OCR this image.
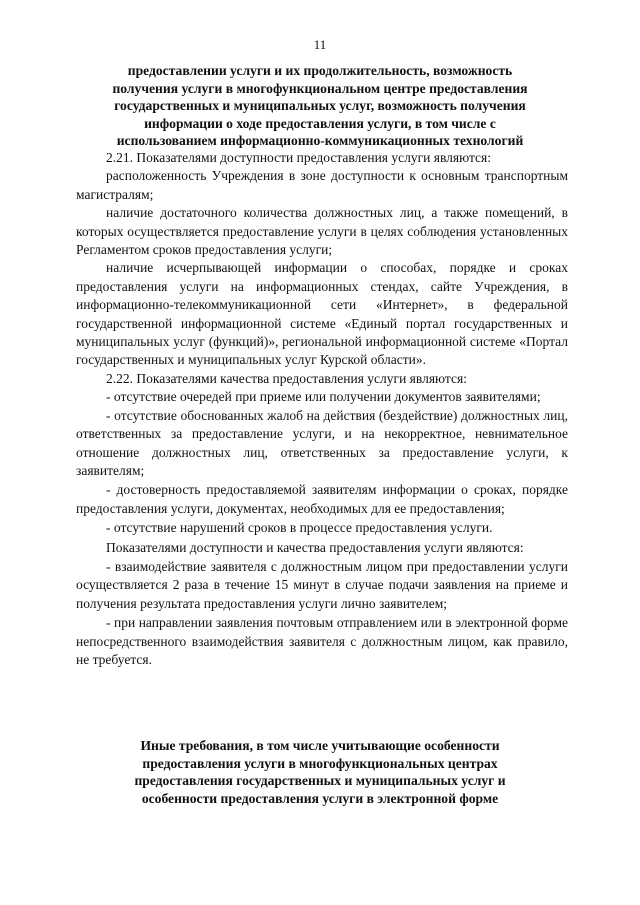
11

предоставлении услуги и их продолжительность, возможность

получения услуги в многофункциональном центре предоставления

государственных и муниципальных услуг, возможность получения

информации о ходе предоставления услуги, в том числе с

использованием информационно-коммуникационных технологий

2.21. Показателями доступности предоставления услуги являются:

расположенность Учреждения в зоне доступности к основным транспортным магистралям;

наличие достаточного количества должностных лиц, а также помещений, в которых осуществляется предоставление услуги в целях соблюдения установленных Регламентом сроков предоставления услуги;

наличие исчерпывающей информации о способах, порядке и сроках предоставления услуги на информационных стендах, сайте Учреждения, в информационно-телекоммуникационной сети «Интернет», в федеральной государственной информационной системе «Единый портал государственных и муниципальных услуг (функций)», региональной информационной системе «Портал государственных и муниципальных услуг Курской области».

2.22. Показателями качества предоставления услуги являются:

- отсутствие очередей при приеме или получении документов заявителями;

- отсутствие обоснованных жалоб на действия (бездействие) должностных лиц, ответственных за предоставление услуги, и на некорректное, невнимательное отношение должностных лиц, ответственных за предоставление услуги, к заявителям;

- достоверность предоставляемой заявителям информации о сроках, порядке предоставления услуги, документах, необходимых для ее предоставления;

- отсутствие нарушений сроков в процессе предоставления услуги.

Показателями доступности и качества предоставления услуги являются:

- взаимодействие заявителя с должностным лицом при предоставлении услуги осуществляется 2 раза в течение 15 минут в случае подачи заявления на приеме и получения результата предоставления услуги лично заявителем;

- при направлении заявления почтовым отправлением или в электронной форме непосредственного взаимодействия заявителя с должностным лицом, как правило, не требуется.

Иные требования, в том числе учитывающие особенности

предоставления услуги в многофункциональных центрах

предоставления государственных и муниципальных услуг и

особенности предоставления услуги в электронной форме
